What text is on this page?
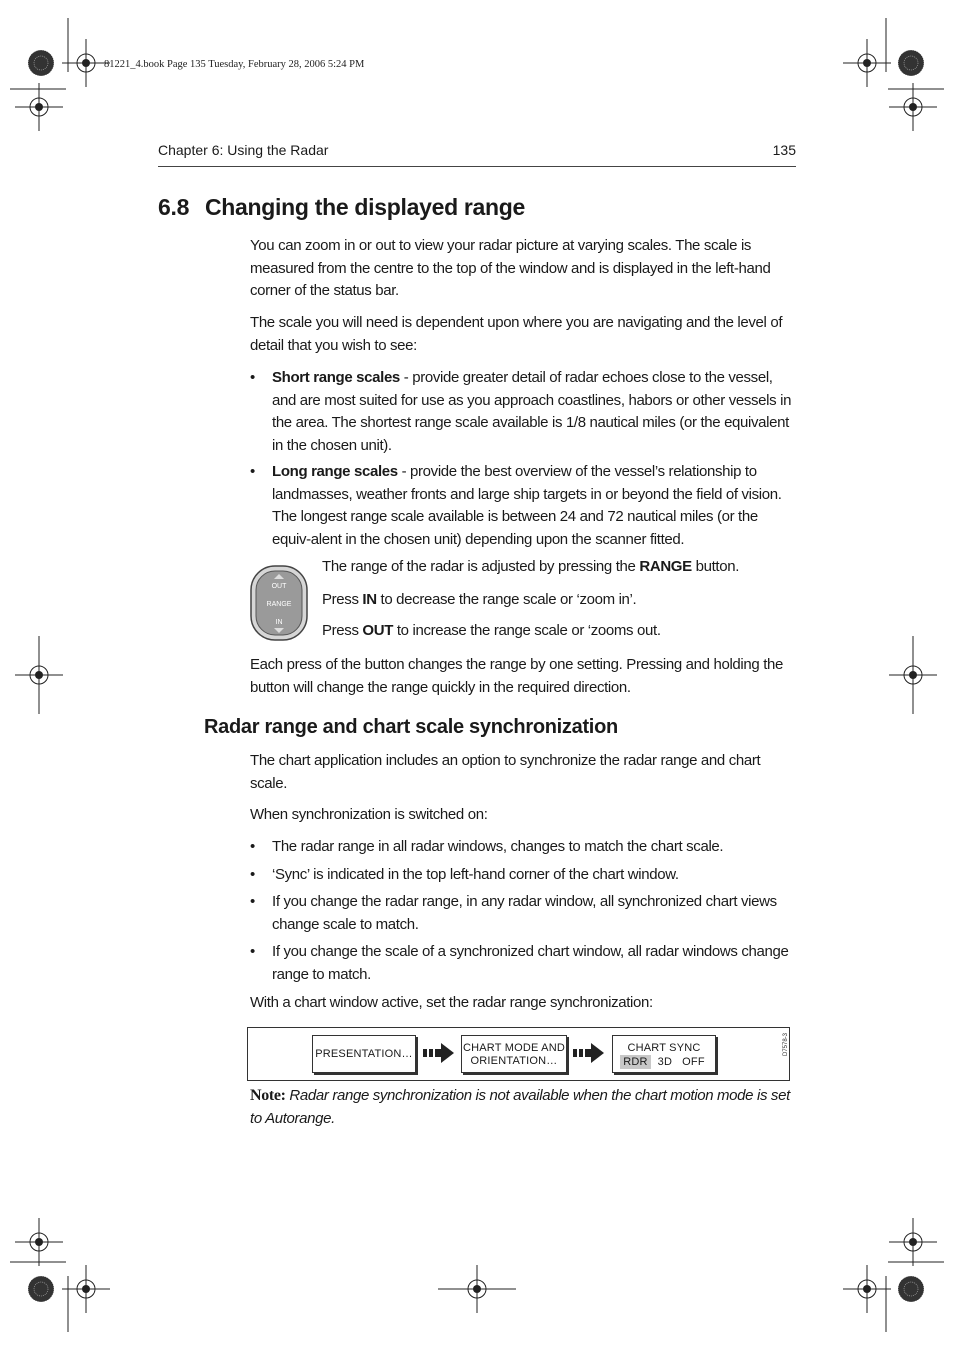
81221_4.book Page 135 Tuesday, February 28, 2006 5:24 PM
Chapter 6: Using the Radar	135
6.8 Changing the displayed range
You can zoom in or out to view your radar picture at varying scales. The scale is measured from the centre to the top of the window and is displayed in the left-hand corner of the status bar.
The scale you will need is dependent upon where you are navigating and the level of detail that you wish to see:
• Short range scales - provide greater detail of radar echoes close to the vessel, and are most suited for use as you approach coastlines, habors or other vessels in the area. The shortest range scale available is 1/8 nautical miles (or the equivalent in the chosen unit).
• Long range scales - provide the best overview of the vessel’s relationship to landmasses, weather fronts and large ship targets in or beyond the field of vision. The longest range scale available is between 24 and 72 nautical miles (or the equiv-alent in the chosen unit) depending upon the scanner fitted.
OUT
RANGE
IN
The range of the radar is adjusted by pressing the RANGE button.
Press IN to decrease the range scale or ‘zoom in’.
Press OUT to increase the range scale or ‘zooms out.
Each press of the button changes the range by one setting. Pressing and holding the button will change the range quickly in the required direction.
Radar range and chart scale synchronization
The chart application includes an option to synchronize the radar range and chart scale.
When synchronization is switched on:
• The radar range in all radar windows, changes to match the chart scale.
• ‘Sync’ is indicated in the top left-hand corner of the chart window.
• If you change the radar range, in any radar window, all synchronized chart views change scale to match.
• If you change the scale of a synchronized chart window, all radar windows change range to match.
With a chart window active, set the radar range synchronization:
PRESENTATION…	CHART MODE AND
ORIENTATION…
CHART SYNC
RDR 3D OFF
D7578-3
Note: Radar range synchronization is not available when the chart motion mode is set to Autorange.
